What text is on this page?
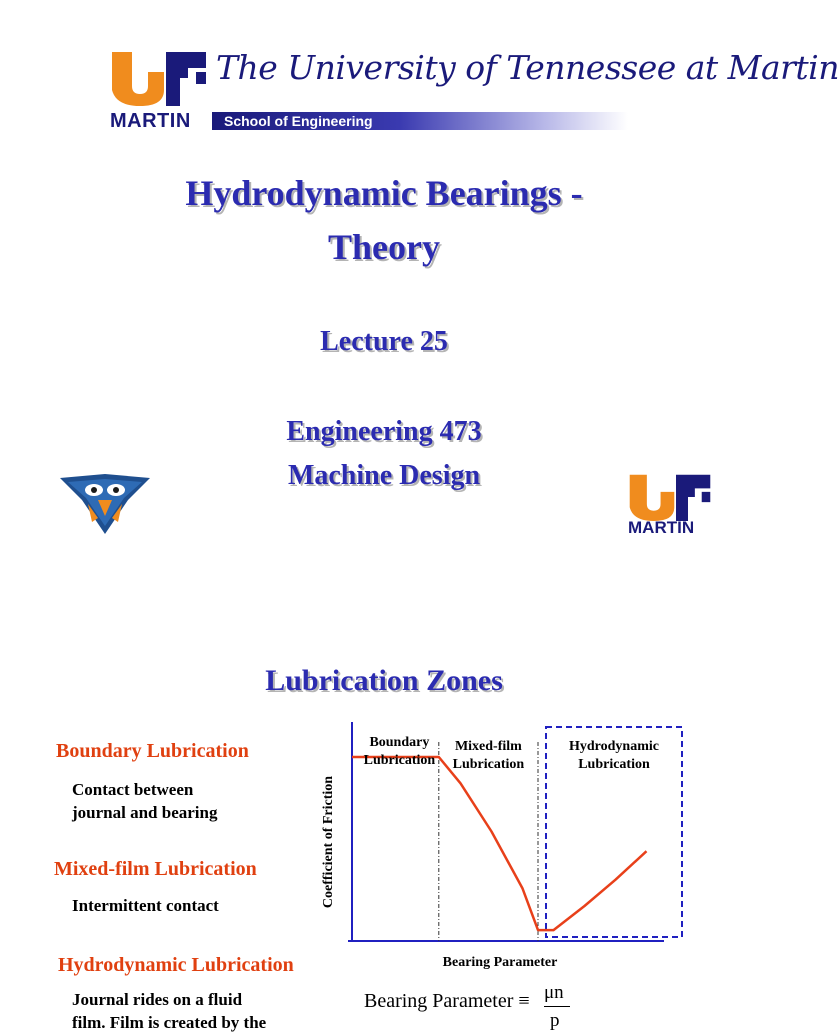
MARTIN
The University of Tennessee at Martin
School of Engineering
Hydrodynamic Bearings -
Theory
Lecture 25
Engineering 473
Machine Design
MARTIN
Lubrication Zones
Boundary Lubrication
Contact between
journal and bearing
Mixed-film Lubrication
Intermittent contact
Hydrodynamic Lubrication
Journal rides on a fluid
film. Film is created by the
Boundary
Lubrication
Mixed-film
Lubrication
Hydrodynamic
Lubrication
Bearing Parameter
Coefficient of Friction
Bearing Parameter ≡ μn
p
